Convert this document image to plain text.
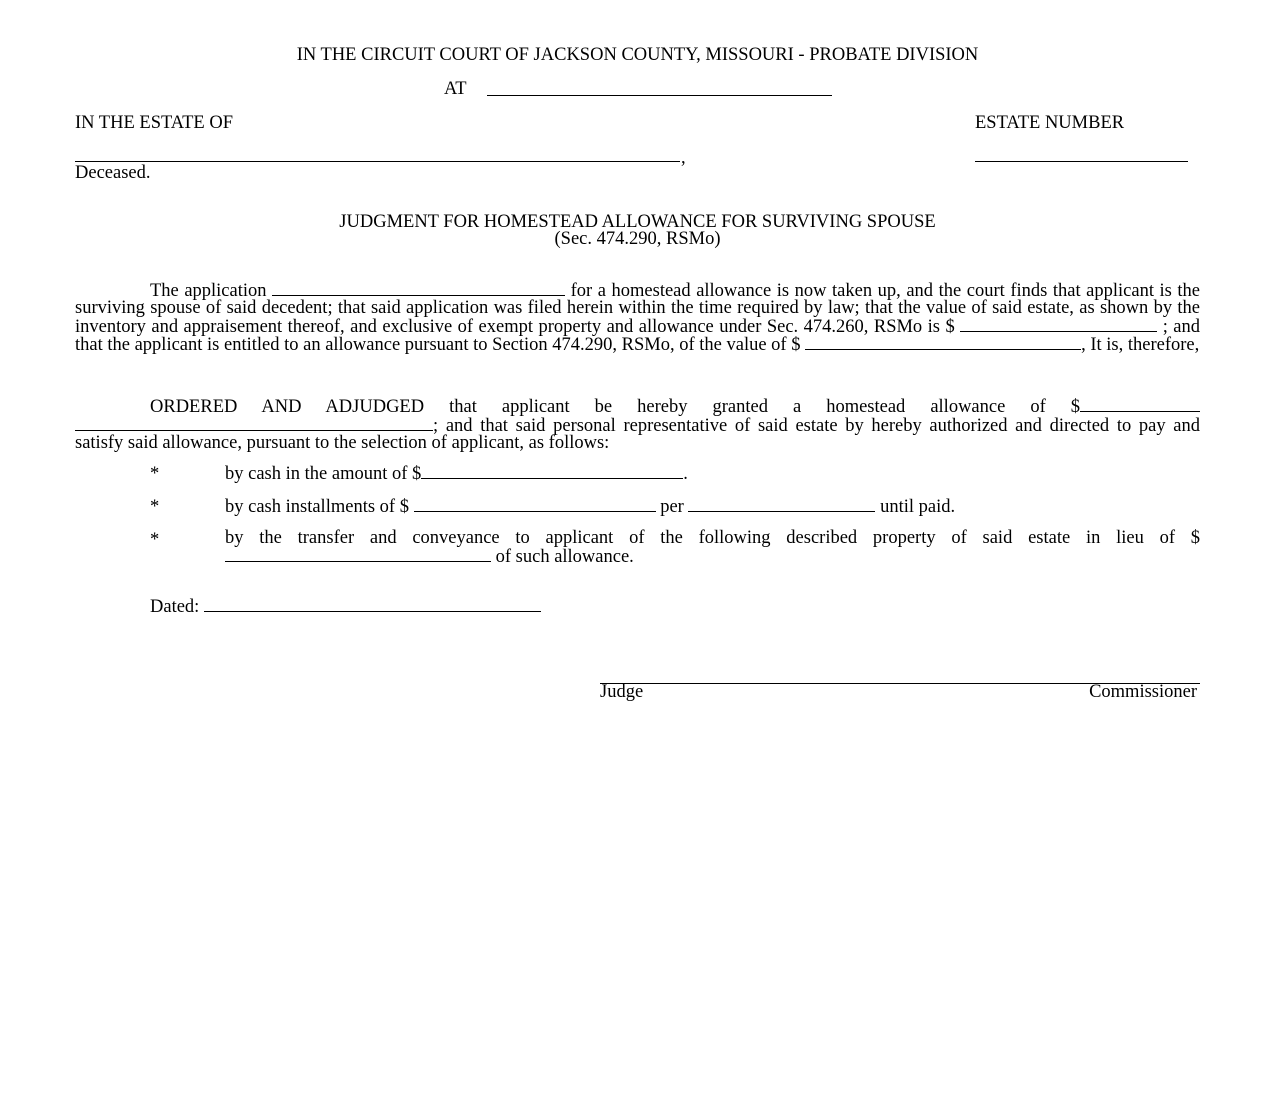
IN THE CIRCUIT COURT OF JACKSON COUNTY, MISSOURI - PROBATE DIVISION
AT
IN THE ESTATE OF	ESTATE NUMBER
,
Deceased.
JUDGMENT FOR HOMESTEAD ALLOWANCE FOR SURVIVING SPOUSE
(Sec. 474.290, RSMo)
The application	for a homestead allowance is now taken up, and the court finds that applicant is the surviving spouse of said decedent; that said application was filed herein within the time required by law; that the value of said estate, as shown by the inventory and appraisement thereof, and exclusive of exempt property and allowance under Sec. 474.260, RSMo is $	; and that the applicant is entitled to an allowance pursuant to Section 474.290, RSMo, of the value of $	, It is, therefore,
ORDERED AND ADJUDGED that applicant be hereby granted a homestead allowance of $ ; and that said personal representative of said estate by hereby authorized and directed to pay and satisfy said allowance, pursuant to the selection of applicant, as follows:
*	by cash in the amount of $	.
*	by cash installments of $	per	until paid.
*	by the transfer and conveyance to applicant of the following described property of said estate in lieu of $  of such allowance.
Dated:
Judge	Commissioner
